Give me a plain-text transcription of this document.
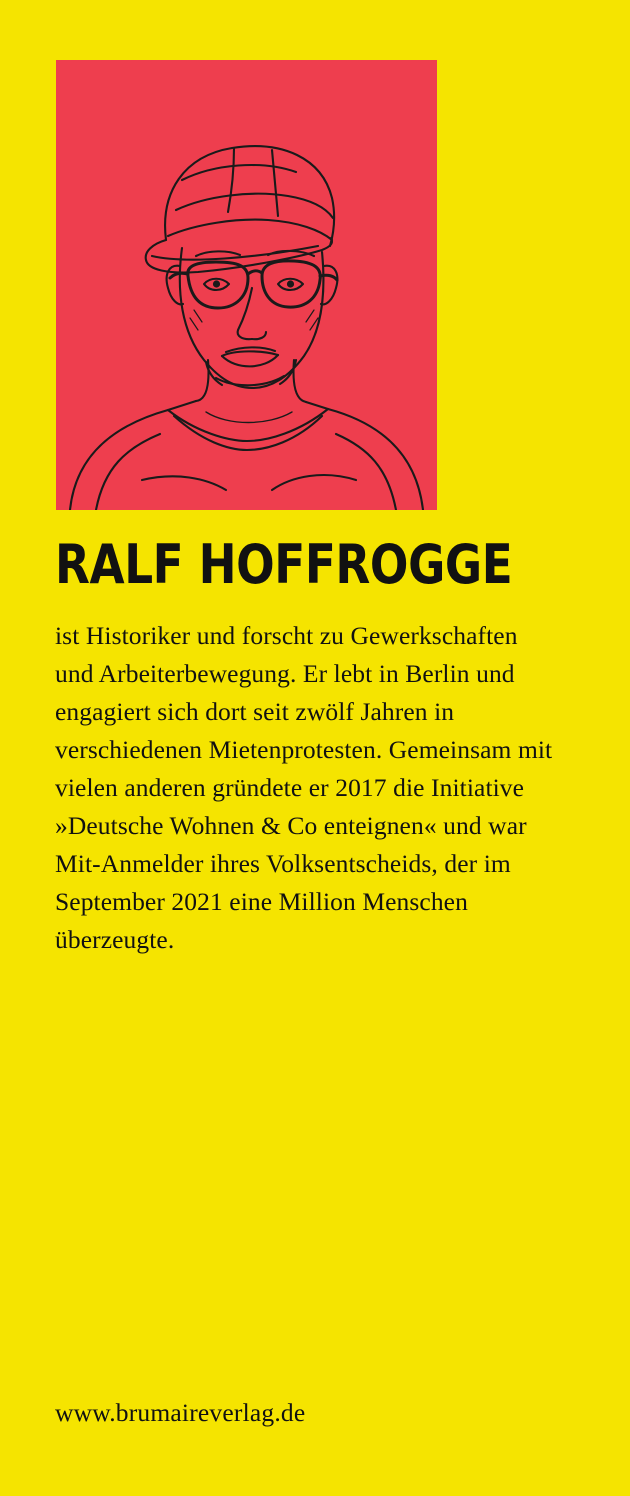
RALF HOFFROGGE

ist Historiker und forscht zu Gewerkschaften und Arbeiterbewegung. Er lebt in Berlin und engagiert sich dort seit zwölf Jahren in verschiedenen Mietenprotesten. Gemeinsam mit vielen anderen gründete er 2017 die Initiative »Deutsche Wohnen & Co enteignen« und war Mit-Anmelder ihres Volksentscheids, der im September 2021 eine Million Menschen überzeugte.

www.brumaireverlag.de
